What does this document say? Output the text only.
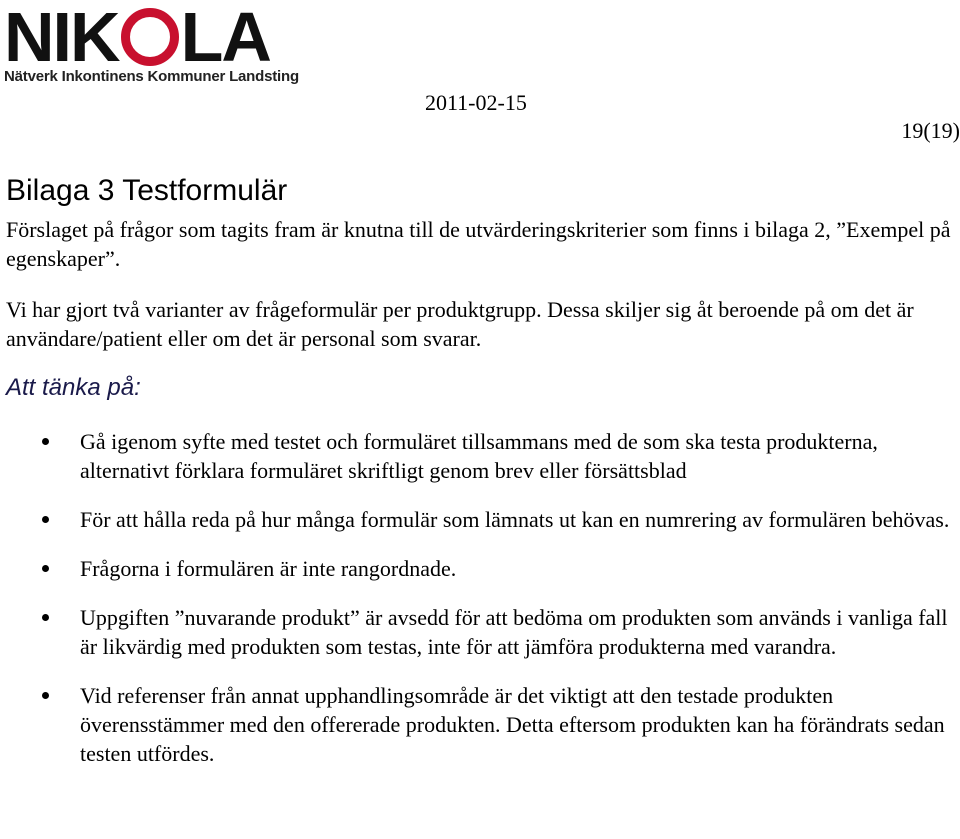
NIK LA
Nätverk Inkontinens Kommuner Landsting
2011-02-15
19(19)
Bilaga 3 Testformulär

Förslaget på frågor som tagits fram är knutna till de utvärderingskriterier som finns i bilaga 2, ”Exempel på egenskaper”.

Vi har gjort två varianter av frågeformulär per produktgrupp. Dessa skiljer sig åt beroende på om det är användare/patient eller om det är personal som svarar.

Att tänka på:
Gå igenom syfte med testet och formuläret tillsammans med de som ska testa produkterna, alternativt förklara formuläret skriftligt genom brev eller försättsblad
För att hålla reda på hur många formulär som lämnats ut kan en numrering av formulären behövas.
Frågorna i formulären är inte rangordnade.
Uppgiften ”nuvarande produkt” är avsedd för att bedöma om produkten som används i vanliga fall är likvärdig med produkten som testas, inte för att jämföra produkterna med varandra.
Vid referenser från annat upphandlingsområde är det viktigt att den testade produkten överensstämmer med den offererade produkten. Detta eftersom produkten kan ha förändrats sedan testen utfördes.
